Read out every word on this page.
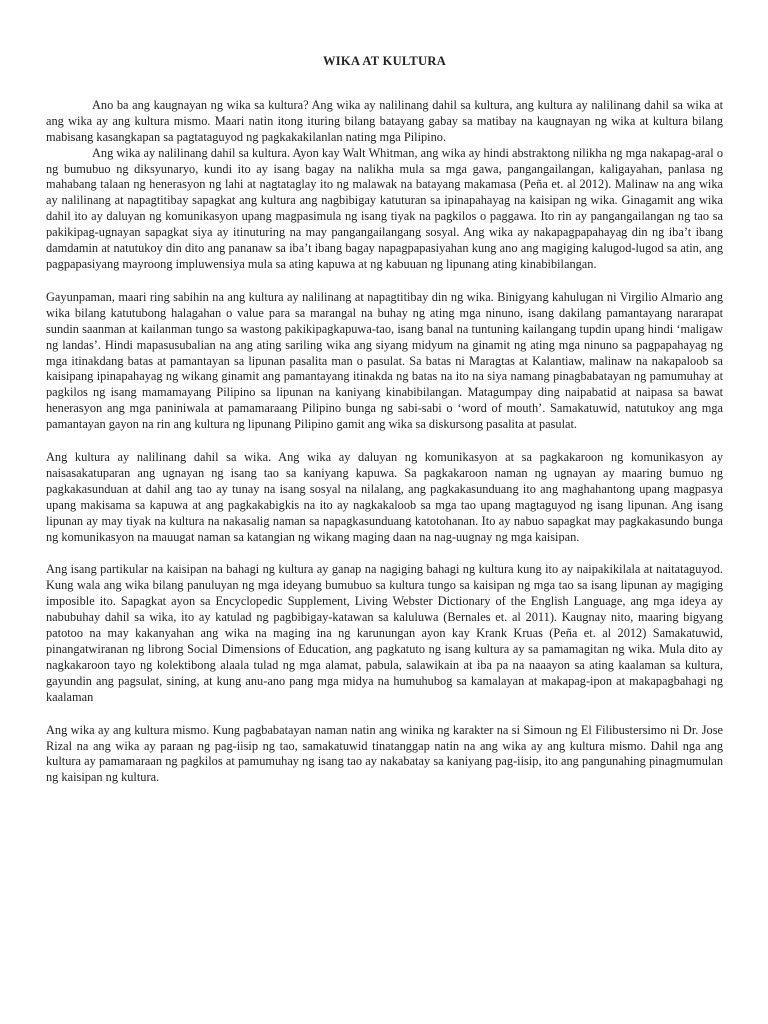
WIKA AT KULTURA

Ano ba ang kaugnayan ng wika sa kultura? Ang wika ay nalilinang dahil sa kultura, ang kultura ay nalilinang dahil sa wika at ang wika ay ang kultura mismo. Maari natin itong ituring bilang batayang gabay sa matibay na kaugnayan ng wika at kultura bilang mabisang kasangkapan sa pagtataguyod ng pagkakakilanlan nating mga Pilipino.

Ang wika ay nalilinang dahil sa kultura. Ayon kay Walt Whitman, ang wika ay hindi abstraktong nilikha ng mga nakapag-aral o ng bumubuo ng diksyunaryo, kundi ito ay isang bagay na nalikha mula sa mga gawa, pangangailangan, kaligayahan, panlasa ng mahabang talaan ng henerasyon ng lahi at nagtataglay ito ng malawak na batayang makamasa (Peña et. al 2012). Malinaw na ang wika ay nalilinang at napagtitibay sapagkat ang kultura ang nagbibigay katuturan sa ipinapahayag na kaisipan ng wika. Ginagamit ang wika dahil ito ay daluyan ng komunikasyon upang magpasimula ng isang tiyak na pagkilos o paggawa. Ito rin ay pangangailangan ng tao sa pakikipag-ugnayan sapagkat siya ay itinuturing na may pangangailangang sosyal. Ang wika ay nakapagpapahayag din ng iba’t ibang damdamin at natutukoy din dito ang pananaw sa iba’t ibang bagay napagpapasiyahan kung ano ang magiging kalugod-lugod sa atin, ang pagpapasiyang mayroong impluwensiya mula sa ating kapuwa at ng kabuuan ng lipunang ating kinabibilangan.

Gayunpaman, maari ring sabihin na ang kultura ay nalilinang at napagtitibay din ng wika. Binigyang kahulugan ni Virgilio Almario ang wika bilang katutubong halagahan o value para sa marangal na buhay ng ating mga ninuno, isang dakilang pamantayang nararapat sundin saanman at kailanman tungo sa wastong pakikipagkapuwa-tao, isang banal na tuntuning kailangang tupdin upang hindi ‘maligaw ng landas’. Hindi mapasusubalian na ang ating sariling wika ang siyang midyum na ginamit ng ating mga ninuno sa pagpapahayag ng mga itinakdang batas at pamantayan sa lipunan pasalita man o pasulat. Sa batas ni Maragtas at Kalantiaw, malinaw na nakapaloob sa kaisipang ipinapahayag ng wikang ginamit ang pamantayang itinakda ng batas na ito na siya namang pinagbabatayan ng pamumuhay at pagkilos ng isang mamamayang Pilipino sa lipunan na kaniyang kinabibilangan. Matagumpay ding naipabatid at naipasa sa bawat henerasyon ang mga paniniwala at pamamaraang Pilipino bunga ng sabi-sabi o ‘word of mouth’. Samakatuwid, natutukoy ang mga pamantayan gayon na rin ang kultura ng lipunang Pilipino gamit ang wika sa diskursong pasalita at pasulat.

Ang kultura ay nalilinang dahil sa wika. Ang wika ay daluyan ng komunikasyon at sa pagkakaroon ng komunikasyon ay naisasakatuparan ang ugnayan ng isang tao sa kaniyang kapuwa. Sa pagkakaroon naman ng ugnayan ay maaring bumuo ng pagkakasunduan at dahil ang tao ay tunay na isang sosyal na nilalang, ang pagkakasunduang ito ang maghahantong upang magpasya upang makisama sa kapuwa at ang pagkakabigkis na ito ay nagkakaloob sa mga tao upang magtaguyod ng isang lipunan. Ang isang lipunan ay may tiyak na kultura na nakasalig naman sa napagkasunduang katotohanan. Ito ay nabuo sapagkat may pagkakasundo bunga ng komunikasyon na mauugat naman sa katangian ng wikang maging daan na nag-uugnay ng mga kaisipan.

Ang isang partikular na kaisipan na bahagi ng kultura ay ganap na nagiging bahagi ng kultura kung ito ay naipakikilala at naitataguyod. Kung wala ang wika bilang panuluyan ng mga ideyang bumubuo sa kultura tungo sa kaisipan ng mga tao sa isang lipunan ay magiging imposible ito. Sapagkat ayon sa Encyclopedic Supplement, Living Webster Dictionary of the English Language, ang mga ideya ay nabubuhay dahil sa wika, ito ay katulad ng pagbibigay-katawan sa kaluluwa (Bernales et. al 2011). Kaugnay nito, maaring bigyang patotoo na may kakanyahan ang wika na maging ina ng karunungan ayon kay Krank Kruas (Peña et. al 2012) Samakatuwid, pinangatwiranan ng librong Social Dimensions of Education, ang pagkatuto ng isang kultura ay sa pamamagitan ng wika. Mula dito ay nagkakaroon tayo ng kolektibong alaala tulad ng mga alamat, pabula, salawikain at iba pa na naaayon sa ating kaalaman sa kultura, gayundin ang pagsulat, sining, at kung anu-ano pang mga midya na humuhubog sa kamalayan at makapag-ipon at makapagbahagi ng kaalaman

Ang wika ay ang kultura mismo. Kung pagbabatayan naman natin ang winika ng karakter na si Simoun ng El Filibustersimo ni Dr. Jose Rizal na ang wika ay paraan ng pag-iisip ng tao, samakatuwid tinatanggap natin na ang wika ay ang kultura mismo. Dahil nga ang kultura ay pamamaraan ng pagkilos at pamumuhay ng isang tao ay nakabatay sa kaniyang pag-iisip, ito ang pangunahing pinagmumulan ng kaisipan ng kultura.
